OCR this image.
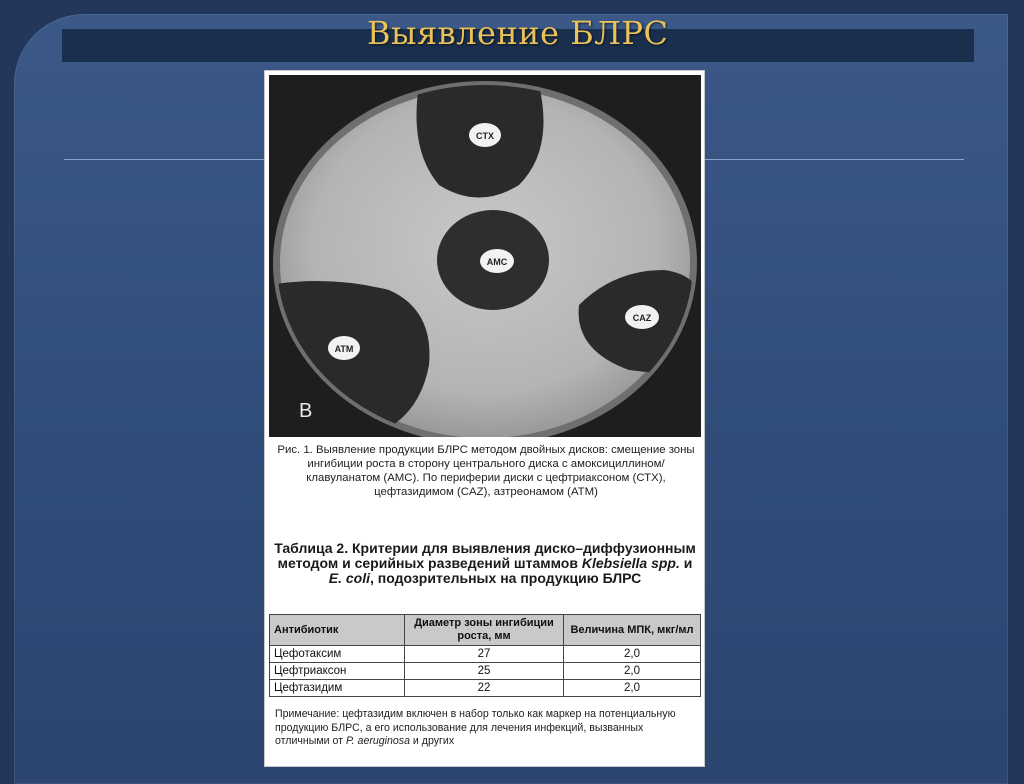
Выявление БЛРС
CTX
AMC
CAZ
ATM
B
Рис. 1. Выявление продукции БЛРС методом двойных дисков: смещение зоны ингибиции роста в сторону центрального диска с амоксициллином/клавуланатом (АМС). По периферии диски с цефтриаксоном (СТХ), цефтазидимом (CAZ), азтреонамом (АТМ)
Таблица 2. Критерии для выявления диско–диффузионным методом и серийных разведений штаммов Klebsiella spp. и E. coli, подозрительных на продукцию БЛРС
Антибиотик	Диаметр зоны ингибиции роста, мм	Величина МПК, мкг/мл
Цефотаксим	27	2,0
Цефтриаксон	25	2,0
Цефтазидим	22	2,0
Примечание: цефтазидим включен в набор только как маркер на потенциальную продукцию БЛРС, а его использование для лечения инфекций, вызванных отличными от P. aeruginosa и других
